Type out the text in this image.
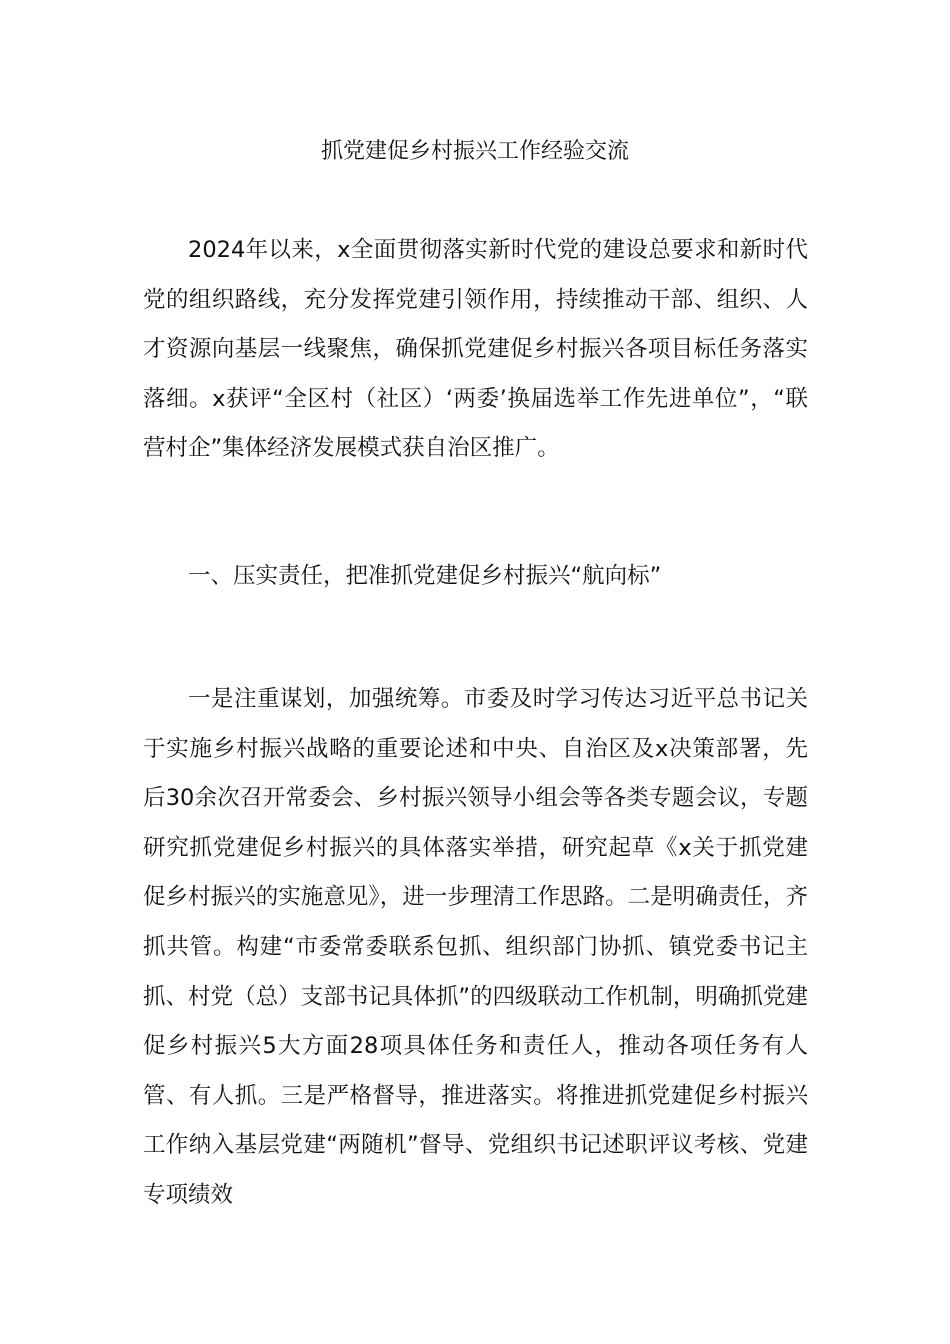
抓党建促乡村振兴工作经验交流

2024年以来，x全面贯彻落实新时代党的建设总要求和新时代党的组织路线，充分发挥党建引领作用，持续推动干部、组织、人才资源向基层一线聚焦，确保抓党建促乡村振兴各项目标任务落实落细。x获评“全区村（社区）‘两委’换届选举工作先进单位”，“联营村企”集体经济发展模式获自治区推广。

一、压实责任，把准抓党建促乡村振兴“航向标”

一是注重谋划，加强统筹。市委及时学习传达习近平总书记关于实施乡村振兴战略的重要论述和中央、自治区及x决策部署，先后30余次召开常委会、乡村振兴领导小组会等各类专题会议，专题研究抓党建促乡村振兴的具体落实举措，研究起草《x关于抓党建促乡村振兴的实施意见》，进一步理清工作思路。二是明确责任，齐抓共管。构建“市委常委联系包抓、组织部门协抓、镇党委书记主抓、村党（总）支部书记具体抓”的四级联动工作机制，明确抓党建促乡村振兴5大方面28项具体任务和责任人，推动各项任务有人管、有人抓。三是严格督导，推进落实。将推进抓党建促乡村振兴工作纳入基层党建“两随机”督导、党组织书记述职评议考核、党建专项绩效
